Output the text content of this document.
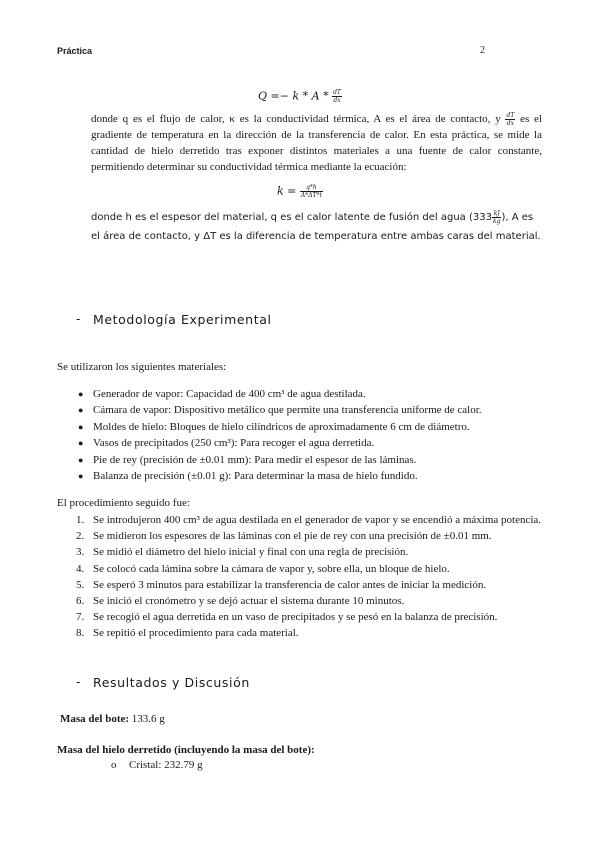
Práctica	2
$Q =- k * A * \frac{dT}{dx}$
donde q es el flujo de calor, κ es la conductividad térmica, A es el área de contacto, y $\frac{dT}{dx}$ es el gradiente de temperatura en la dirección de la transferencia de calor. En esta práctica, se mide la cantidad de hielo derretido tras exponer distintos materiales a una fuente de calor constante, permitiendo determinar su conductividad térmica mediante la ecuación:
$k = \frac{q*h}{A*\Delta T*t}$
donde h es el espesor del material, q es el calor latente de fusión del agua ($333 \frac{kJ}{kg}$ ), A es el área de contacto, y ΔT es la diferencia de temperatura entre ambas caras del material.
- Metodología Experimental
Se utilizaron los siguientes materiales:
● Generador de vapor: Capacidad de 400 cm³ de agua destilada.
● Cámara de vapor: Dispositivo metálico que permite una transferencia uniforme de calor.
● Moldes de hielo: Bloques de hielo cilíndricos de aproximadamente 6 cm de diámetro.
● Vasos de precipitados (250 cm³): Para recoger el agua derretida.
● Pie de rey (precisión de ±0.01 mm): Para medir el espesor de las láminas.
● Balanza de precisión (±0.01 g): Para determinar la masa de hielo fundido.
El procedimiento seguido fue:
1. Se introdujeron 400 cm³ de agua destilada en el generador de vapor y se encendió a máxima potencia.
2. Se midieron los espesores de las láminas con el pie de rey con una precisión de ±0.01 mm.
3. Se midió el diámetro del hielo inicial y final con una regla de precisión.
4. Se colocó cada lámina sobre la cámara de vapor y, sobre ella, un bloque de hielo.
5. Se esperó 3 minutos para estabilizar la transferencia de calor antes de iniciar la medición.
6. Se inició el cronómetro y se dejó actuar el sistema durante 10 minutos.
7. Se recogió el agua derretida en un vaso de precipitados y se pesó en la balanza de precisión.
8. Se repitió el procedimiento para cada material.
- Resultados y Discusión
Masa del bote: 133.6 g
Masa del hielo derretido (incluyendo la masa del bote):
o Cristal: 232.79 g
